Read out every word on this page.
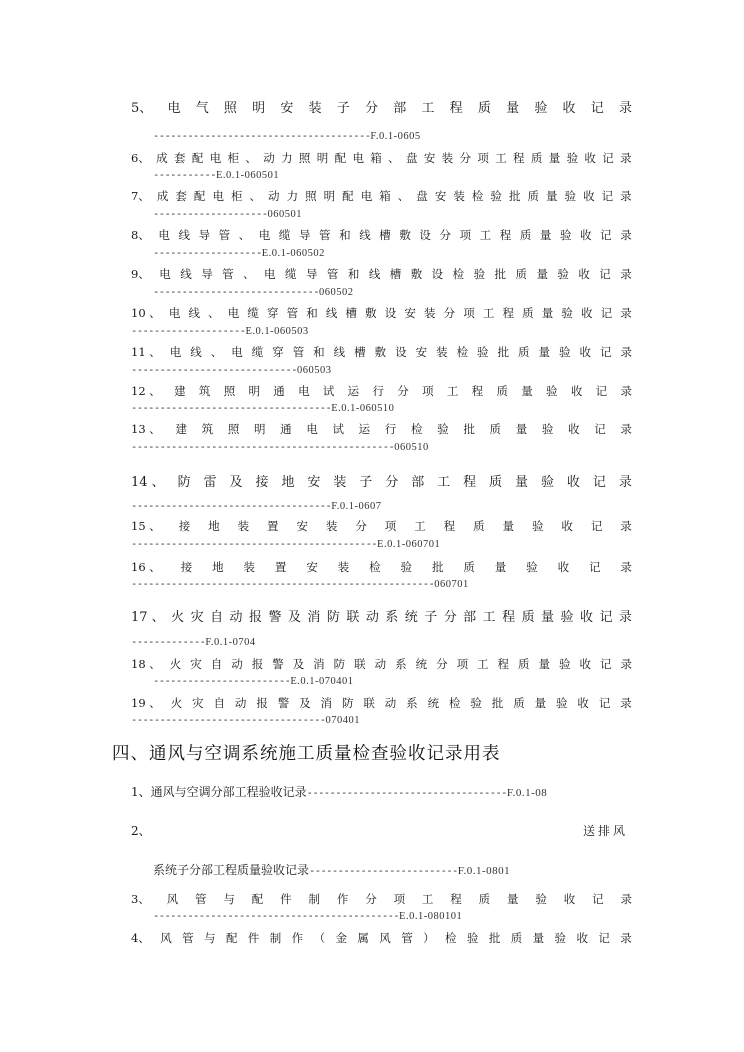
5、 电 气 照 明 安 装 子 分 部 工 程 质 量 验 收 记 录
--------------------------------------F.0.1-0605
6、 成 套 配 电 柜 、 动 力 照 明 配 电 箱 、 盘 安 装 分 项 工 程 质 量 验 收 记 录
-----------E.0.1-060501
7、 成 套 配 电 柜 、 动 力 照 明 配 电 箱 、 盘 安 装 检 验 批 质 量 验 收 记 录
--------------------060501
8、 电 线 导 管 、 电 缆 导 管 和 线 槽 敷 设 分 项 工 程 质 量 验 收 记 录
-------------------E.0.1-060502
9、 电 线 导 管 、 电 缆 导 管 和 线 槽 敷 设 检 验 批 质 量 验 收 记 录
-----------------------------060502
10 、 电 线 、 电 缆 穿 管 和 线 槽 敷 设 安 装 分 项 工 程 质 量 验 收 记 录
--------------------E.0.1-060503
11 、 电 线 、 电 缆 穿 管 和 线 槽 敷 设 安 装 检 验 批 质 量 验 收 记 录
-----------------------------060503
12 、 建 筑 照 明 通 电 试 运 行 分 项 工 程 质 量 验 收 记 录
-----------------------------------E.0.1-060510
13 、 建 筑 照 明 通 电 试 运 行 检 验 批 质 量 验 收 记 录
----------------------------------------------060510
14 、 防 雷 及 接 地 安 装 子 分 部 工 程 质 量 验 收 记 录
-----------------------------------F.0.1-0607
15 、 接 地 装 置 安 装 分 项 工 程 质 量 验 收 记 录
-------------------------------------------E.0.1-060701
16 、 接 地 装 置 安 装 检 验 批 质 量 验 收 记 录
-----------------------------------------------------060701
17 、 火 灾 自 动 报 警 及 消 防 联 动 系 统 子 分 部 工 程 质 量 验 收 记 录
-------------F.0.1-0704
18 、 火 灾 自 动 报 警 及 消 防 联 动 系 统 分 项 工 程 质 量 验 收 记 录
------------------------E.0.1-070401
19 、 火 灾 自 动 报 警 及 消 防 联 动 系 统 检 验 批 质 量 验 收 记 录
----------------------------------070401
四、通风与空调系统施工质量检查验收记录用表
1、通风与空调分部工程验收记录-----------------------------------F.0.1-08
2、	送排风
系统子分部工程质量验收记录--------------------------F.0.1-0801
3、 风 管 与 配 件 制 作 分 项 工 程 质 量 验 收 记 录
-------------------------------------------E.0.1-080101
4、 风 管 与 配 件 制 作 （ 金 属 风 管 ） 检 验 批 质 量 验 收 记 录
